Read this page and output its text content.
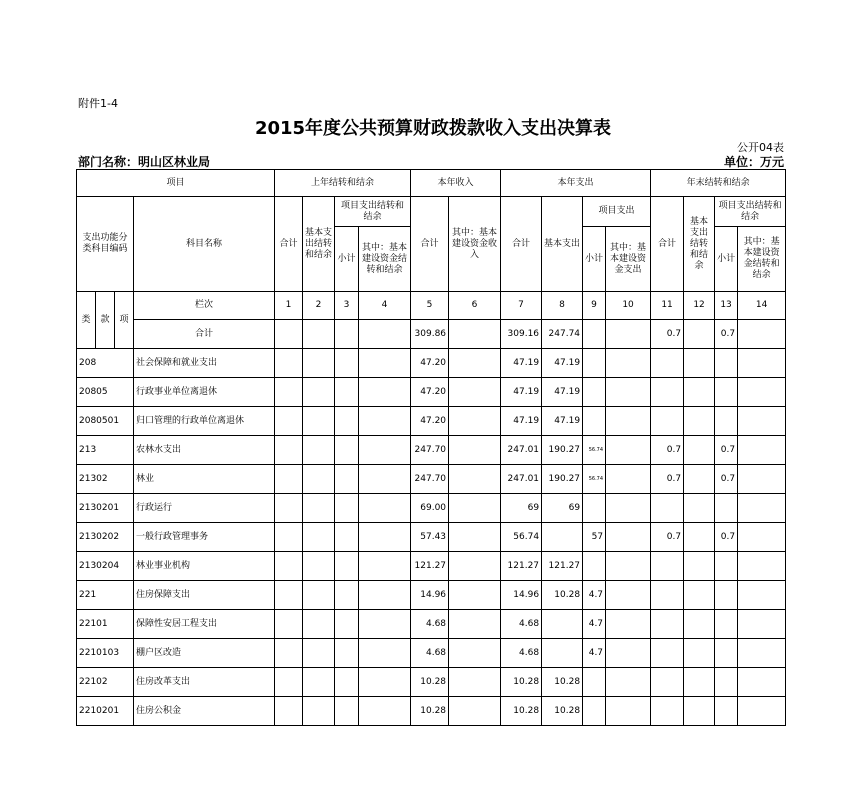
附件1-4
2015年度公共预算财政拨款收入支出决算表
公开04表
部门名称：明山区林业局	单位：万元
项目				上年结转和结余				本年收入		本年支出				年末结转和结余			
支出功能分类科目编码			科目名称	合计	基本支出结转和结余	项目支出结转和结余		合计	其中：基本建设资金收入	合计	基本支出	项目支出		合计	基本支出结转和结余	项目支出结转和结余	
						小计	其中：基本建设资金结转和结余					小计	其中：基本建设资金支出			小计	其中：基本建设资金结转和结余
类	款	项	栏次	1	2	3	4	5	6	7	8	9	10	11	12	13	14
			合计					309.86		309.16	247.74			0.7		0.7	
208			社会保障和就业支出					47.20		47.19	47.19						
20805			行政事业单位离退休					47.20		47.19	47.19						
2080501			归口管理的行政单位离退休					47.20		47.19	47.19						
213			农林水支出					247.70		247.01	190.27	56.74		0.7		0.7	
21302			林业					247.70		247.01	190.27	56.74		0.7		0.7	
2130201			行政运行					69.00		69	69						
2130202			一般行政管理事务					57.43		56.74		57		0.7		0.7	
2130204			林业事业机构					121.27		121.27	121.27						
221			住房保障支出					14.96		14.96	10.28	4.7					
22101			保障性安居工程支出					4.68		4.68		4.7					
2210103			棚户区改造					4.68		4.68		4.7					
22102			住房改革支出					10.28		10.28	10.28						
2210201			住房公积金					10.28		10.28	10.28						
